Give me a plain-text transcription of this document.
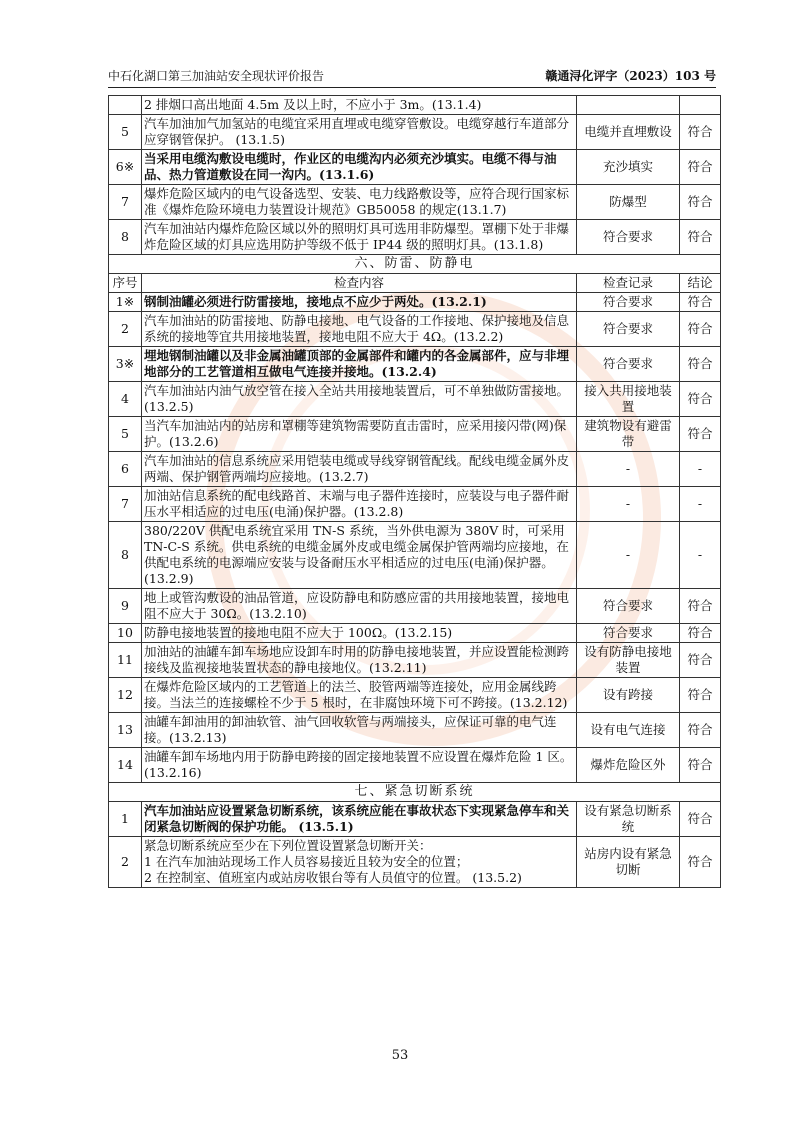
中石化湖口第三加油站安全现状评价报告	赣通浔化评字（2023）103 号
	2 排烟口高出地面 4.5m 及以上时，不应小于 3m。(13.1.4)		
5	汽车加油加气加氢站的电缆宜采用直埋或电缆穿管敷设。电缆穿越行车道部分应穿钢管保护。 (13.1.5)	电缆并直埋敷设	符合
6※	当采用电缆沟敷设电缆时，作业区的电缆沟内必须充沙填实。电缆不得与油品、热力管道敷设在同一沟内。(13.1.6)	充沙填实	符合
7	爆炸危险区域内的电气设备选型、安装、电力线路敷设等，应符合现行国家标准《爆炸危险环境电力装置设计规范》GB50058 的规定(13.1.7)	防爆型	符合
8	汽车加油站内爆炸危险区域以外的照明灯具可选用非防爆型。罩棚下处于非爆炸危险区域的灯具应选用防护等级不低于 IP44 级的照明灯具。(13.1.8)	符合要求	符合
六、防雷、防静电			
序号	检查内容	检查记录	结论
1※	钢制油罐必须进行防雷接地，接地点不应少于两处。(13.2.1)	符合要求	符合
2	汽车加油站的防雷接地、防静电接地、电气设备的工作接地、保护接地及信息系统的接地等宜共用接地装置，接地电阻不应大于 4Ω。(13.2.2)	符合要求	符合
3※	埋地钢制油罐以及非金属油罐顶部的金属部件和罐内的各金属部件，应与非埋地部分的工艺管道相互做电气连接并接地。(13.2.4)	符合要求	符合
4	汽车加油站内油气放空管在接入全站共用接地装置后，可不单独做防雷接地。(13.2.5)	接入共用接地装置	符合
5	当汽车加油站内的站房和罩棚等建筑物需要防直击雷时，应采用接闪带(网)保护。(13.2.6)	建筑物设有避雷带	符合
6	汽车加油站的信息系统应采用铠装电缆或导线穿钢管配线。配线电缆金属外皮两端、保护钢管两端均应接地。(13.2.7)	-	-
7	加油站信息系统的配电线路首、末端与电子器件连接时，应装设与电子器件耐压水平相适应的过电压(电涌)保护器。(13.2.8)	-	-
8	380/220V 供配电系统宜采用 TN-S 系统，当外供电源为 380V 时，可采用 TN-C-S 系统。供电系统的电缆金属外皮或电缆金属保护管两端均应接地，在供配电系统的电源端应安装与设备耐压水平相适应的过电压(电涌)保护器。(13.2.9)	-	-
9	地上或管沟敷设的油品管道，应设防静电和防感应雷的共用接地装置，接地电阻不应大于 30Ω。(13.2.10)	符合要求	符合
10	防静电接地装置的接地电阻不应大于 100Ω。(13.2.15)	符合要求	符合
11	加油站的油罐车卸车场地应设卸车时用的防静电接地装置，并应设置能检测跨接线及监视接地装置状态的静电接地仪。(13.2.11)	设有防静电接地装置	符合
12	在爆炸危险区域内的工艺管道上的法兰、胶管两端等连接处，应用金属线跨接。当法兰的连接螺栓不少于 5 根时，在非腐蚀环境下可不跨接。(13.2.12)	设有跨接	符合
13	油罐车卸油用的卸油软管、油气回收软管与两端接头，应保证可靠的电气连接。(13.2.13)	设有电气连接	符合
14	油罐车卸车场地内用于防静电跨接的固定接地装置不应设置在爆炸危险 1 区。(13.2.16)	爆炸危险区外	符合
七、紧急切断系统			
1	汽车加油站应设置紧急切断系统，该系统应能在事故状态下实现紧急停车和关闭紧急切断阀的保护功能。 (13.5.1)	设有紧急切断系统	符合
2	紧急切断系统应至少在下列位置设置紧急切断开关：
1 在汽车加油站现场工作人员容易接近且较为安全的位置；
2 在控制室、值班室内或站房收银台等有人员值守的位置。 (13.5.2)	站房内设有紧急切断	符合
53
